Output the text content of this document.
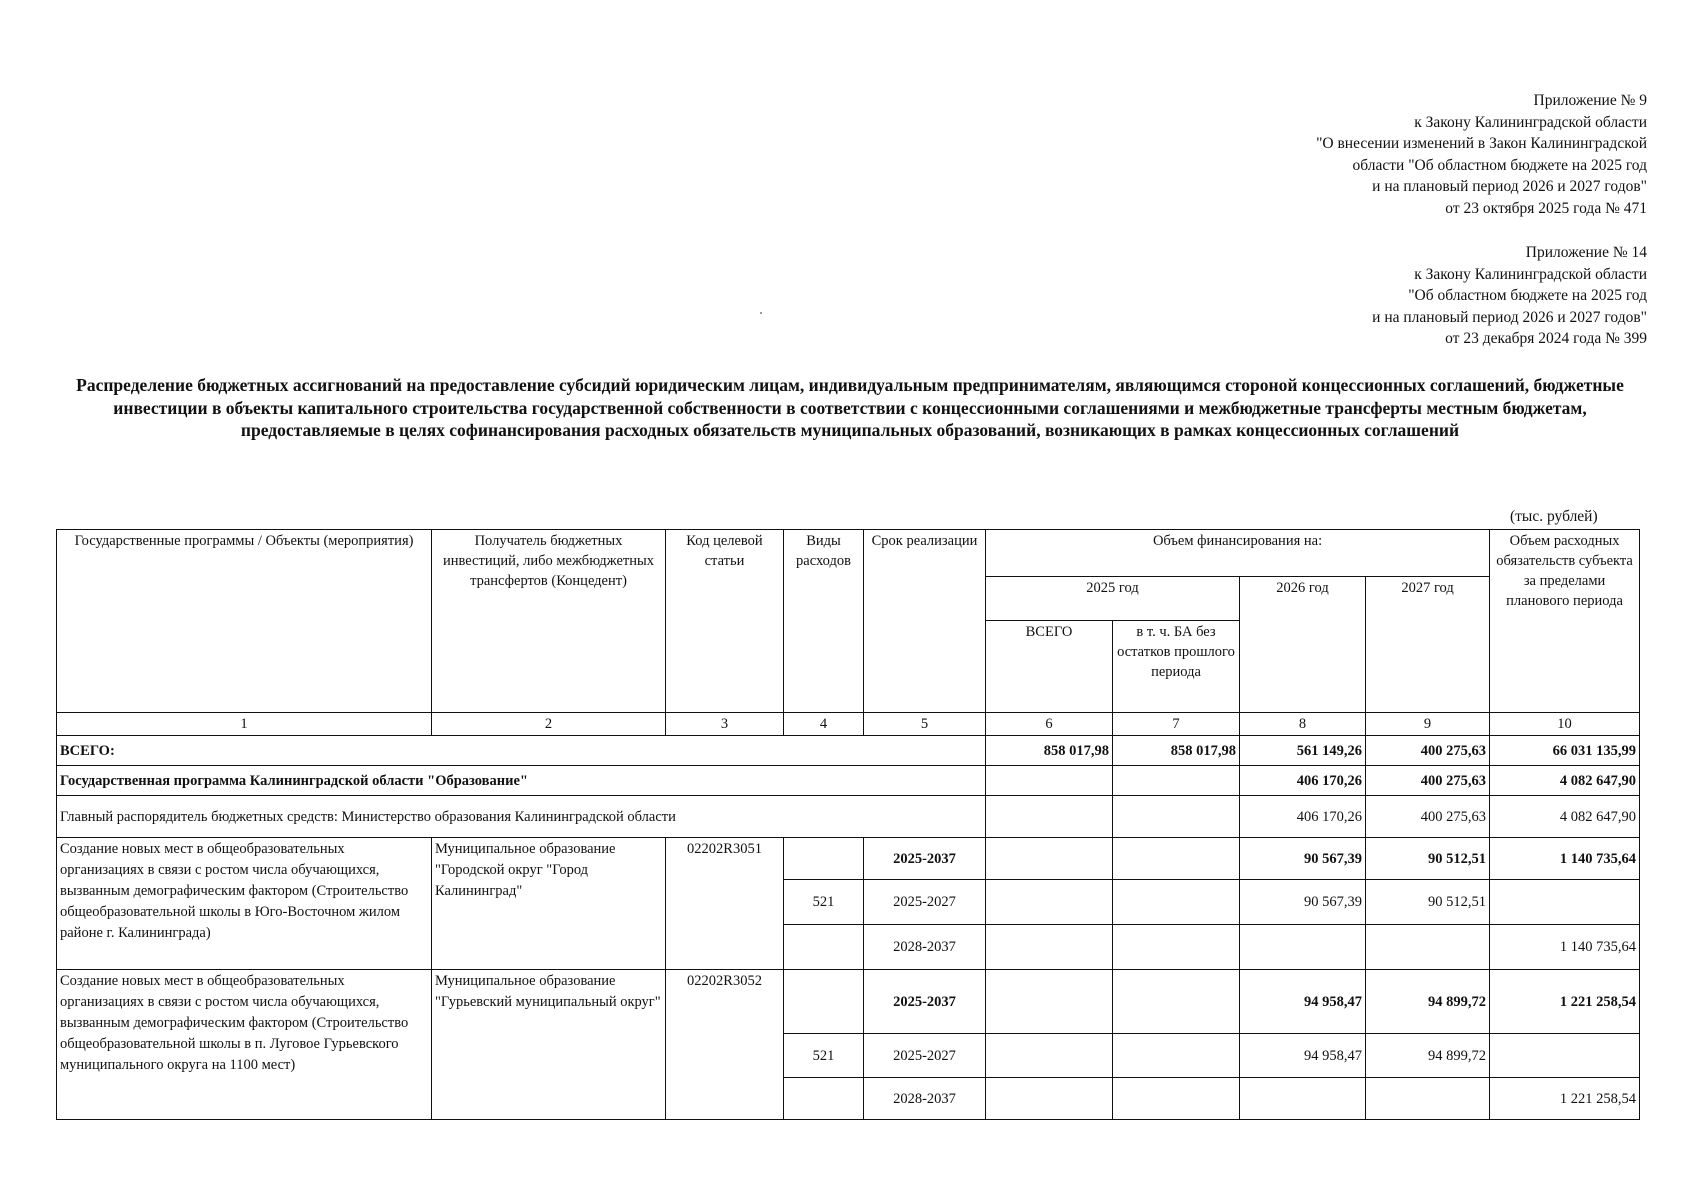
Приложение № 9
к Закону Калининградской области
"О внесении изменений в Закон Калининградской
области "Об областном бюджете на 2025 год
и на плановый период 2026 и 2027 годов"
от 23 октября 2025 года № 471
Приложение № 14
к Закону Калининградской области
"Об областном бюджете на 2025 год
и на плановый период 2026 и 2027 годов"
от 23 декабря 2024 года № 399
Распределение бюджетных ассигнований на предоставление субсидий юридическим лицам, индивидуальным предпринимателям, являющимся стороной концессионных соглашений, бюджетные инвестиции в объекты капитального строительства государственной собственности в соответствии с концессионными соглашениями и межбюджетные трансферты местным бюджетам, предоставляемые в целях софинансирования расходных обязательств муниципальных образований, возникающих в рамках концессионных соглашений
(тыс. рублей)
Государственные программы / Объекты (мероприятия)	Получатель бюджетных инвестиций, либо межбюджетных трансфертов (Концедент)	Код целевой статьи	Виды расходов	Срок реализации	Объем финансирования на:				Объем расходных обязательств субъекта за пределами планового периода
					2025 год		2026 год	2027 год	
					ВСЕГО	в т. ч. БА без остатков прошлого периода			
1	2	3	4	5	6	7	8	9	10
ВСЕГО:					858 017,98	858 017,98	561 149,26	400 275,63	66 031 135,99
Государственная программа Калининградской области "Образование"							406 170,26	400 275,63	4 082 647,90
Главный распорядитель бюджетных средств: Министерство образования Калининградской области							406 170,26	400 275,63	4 082 647,90
Создание новых мест в общеобразовательных организациях в связи с ростом числа обучающихся, вызванным демографическим фактором (Строительство общеобразовательной школы в Юго-Восточном жилом районе г. Калининграда)	Муниципальное образование "Городской округ "Город Калининград"	02202R3051		2025-2037			90 567,39	90 512,51	1 140 735,64
			521	2025-2027			90 567,39	90 512,51	
				2028-2037					1 140 735,64
Создание новых мест в общеобразовательных организациях в связи с ростом числа обучающихся, вызванным демографическим фактором (Строительство общеобразовательной школы в п. Луговое Гурьевского муниципального округа на 1100 мест)	Муниципальное образование "Гурьевский муниципальный округ"	02202R3052		2025-2037			94 958,47	94 899,72	1 221 258,54
			521	2025-2027			94 958,47	94 899,72	
				2028-2037					1 221 258,54
